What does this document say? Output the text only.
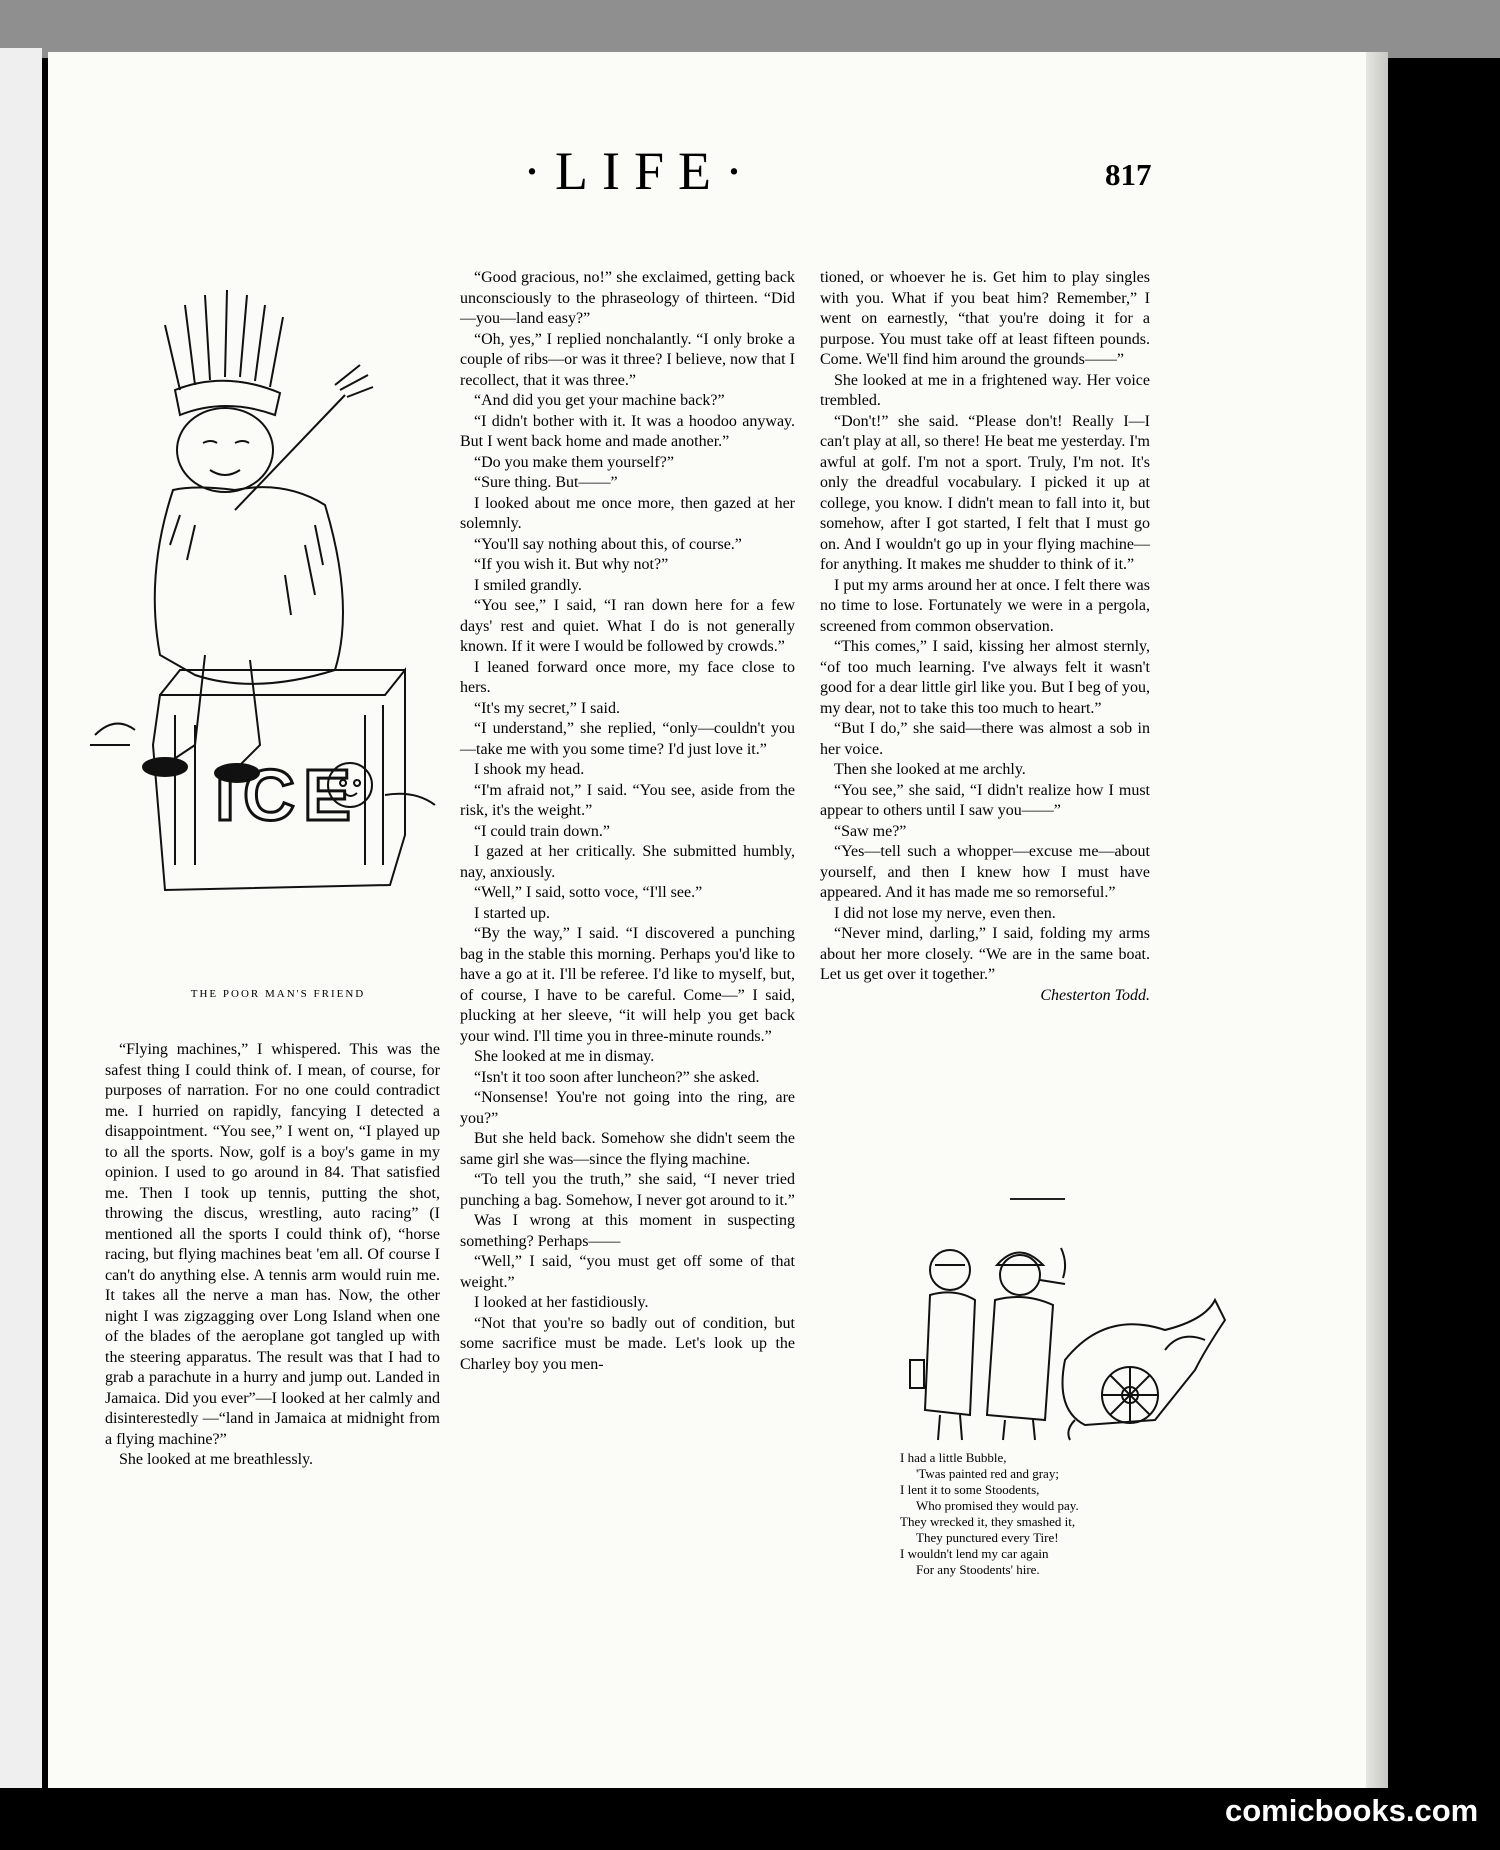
·LIFE·	817
ICE
THE POOR MAN'S FRIEND

“Flying machines,” I whispered. This was the safest thing I could think of. I mean, of course, for purposes of narration. For no one could contradict me. I hurried on rapidly, fancying I detected a disappointment. “You see,” I went on, “I played up to all the sports. Now, golf is a boy's game in my opinion. I used to go around in 84. That satisfied me. Then I took up tennis, putting the shot, throwing the discus, wrestling, auto racing” (I mentioned all the sports I could think of), “horse racing, but flying machines beat 'em all. Of course I can't do anything else. A tennis arm would ruin me. It takes all the nerve a man has. Now, the other night I was zigzagging over Long Island when one of the blades of the aeroplane got tangled up with the steering apparatus. The result was that I had to grab a parachute in a hurry and jump out. Landed in Jamaica. Did you ever”—I looked at her calmly and disinterestedly —“land in Jamaica at midnight from a flying machine?”

She looked at me breathlessly.

“Good gracious, no!” she exclaimed, getting back unconsciously to the phraseology of thirteen. “Did—you—land easy?”

“Oh, yes,” I replied nonchalantly. “I only broke a couple of ribs—or was it three? I believe, now that I recollect, that it was three.”

“And did you get your machine back?”

“I didn't bother with it. It was a hoodoo anyway. But I went back home and made another.”

“Do you make them yourself?”

“Sure thing. But——”

I looked about me once more, then gazed at her solemnly.

“You'll say nothing about this, of course.”

“If you wish it. But why not?”

I smiled grandly.

“You see,” I said, “I ran down here for a few days' rest and quiet. What I do is not generally known. If it were I would be followed by crowds.”

I leaned forward once more, my face close to hers.

“It's my secret,” I said.

“I understand,” she replied, “only—couldn't you—take me with you some time? I'd just love it.”

I shook my head.

“I'm afraid not,” I said. “You see, aside from the risk, it's the weight.”

“I could train down.”

I gazed at her critically. She submitted humbly, nay, anxiously.

“Well,” I said, sotto voce, “I'll see.”

I started up.

“By the way,” I said. “I discovered a punching bag in the stable this morning. Perhaps you'd like to have a go at it. I'll be referee. I'd like to myself, but, of course, I have to be careful. Come—” I said, plucking at her sleeve, “it will help you get back your wind. I'll time you in three-minute rounds.”

She looked at me in dismay.

“Isn't it too soon after luncheon?” she asked.

“Nonsense! You're not going into the ring, are you?”

But she held back. Somehow she didn't seem the same girl she was—since the flying machine.

“To tell you the truth,” she said, “I never tried punching a bag. Somehow, I never got around to it.”

Was I wrong at this moment in suspecting something? Perhaps——

“Well,” I said, “you must get off some of that weight.”

I looked at her fastidiously.

“Not that you're so badly out of condition, but some sacrifice must be made. Let's look up the Charley boy you men-

tioned, or whoever he is. Get him to play singles with you. What if you beat him? Remember,” I went on earnestly, “that you're doing it for a purpose. You must take off at least fifteen pounds. Come. We'll find him around the grounds——”

She looked at me in a frightened way. Her voice trembled.

“Don't!” she said. “Please don't! Really I—I can't play at all, so there! He beat me yesterday. I'm awful at golf. I'm not a sport. Truly, I'm not. It's only the dreadful vocabulary. I picked it up at college, you know. I didn't mean to fall into it, but somehow, after I got started, I felt that I must go on. And I wouldn't go up in your flying machine—for anything. It makes me shudder to think of it.”

I put my arms around her at once. I felt there was no time to lose. Fortunately we were in a pergola, screened from common observation.

“This comes,” I said, kissing her almost sternly, “of too much learning. I've always felt it wasn't good for a dear little girl like you. But I beg of you, my dear, not to take this too much to heart.”

“But I do,” she said—there was almost a sob in her voice.

Then she looked at me archly.

“You see,” she said, “I didn't realize how I must appear to others until I saw you——”

“Saw me?”

“Yes—tell such a whopper—excuse me—about yourself, and then I knew how I must have appeared. And it has made me so remorseful.”

I did not lose my nerve, even then.

“Never mind, darling,” I said, folding my arms about her more closely. “We are in the same boat. Let us get over it together.”

Chesterton Todd.

I had a little Bubble,
'Twas painted red and gray;
I lent it to some Stoodents,
Who promised they would pay.
They wrecked it, they smashed it,
They punctured every Tire!
I wouldn't lend my car again
For any Stoodents' hire.
comicbooks.com
